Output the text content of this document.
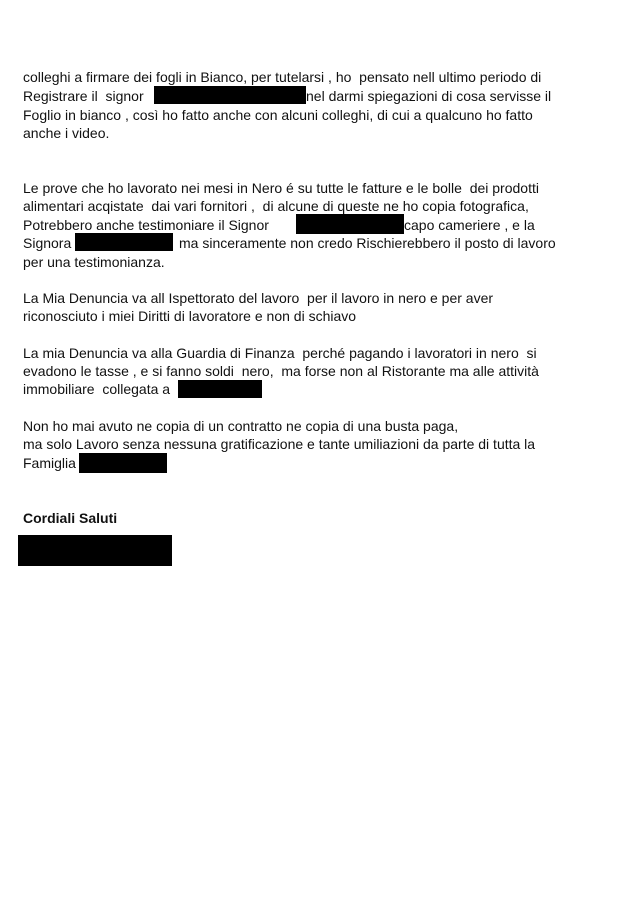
colleghi a firmare dei fogli in Bianco, per tutelarsi , ho  pensato nell ultimo periodo di
Registrare il  signor	nel darmi spiegazioni di cosa servisse il
Foglio in bianco , così ho fatto anche con alcuni colleghi, di cui a qualcuno ho fatto
anche i video.
Le prove che ho lavorato nei mesi in Nero é su tutte le fatture e le bolle  dei prodotti
alimentari acqistate  dai vari fornitori ,  di alcune di queste ne ho copia fotografica,
Potrebbero anche testimoniare il Signor	capo cameriere , e la
Signora	ma sinceramente non credo Rischierebbero il posto di lavoro
per una testimonianza.
La Mia Denuncia va all Ispettorato del lavoro  per il lavoro in nero e per aver
riconosciuto i miei Diritti di lavoratore e non di schiavo
La mia Denuncia va alla Guardia di Finanza  perché pagando i lavoratori in nero  si
evadono le tasse , e si fanno soldi  nero,  ma forse non al Ristorante ma alle attività
immobiliare  collegata a
Non ho mai avuto ne copia di un contratto ne copia di una busta paga,
ma solo Lavoro senza nessuna gratificazione e tante umiliazioni da parte di tutta la
Famiglia
Cordiali Saluti
